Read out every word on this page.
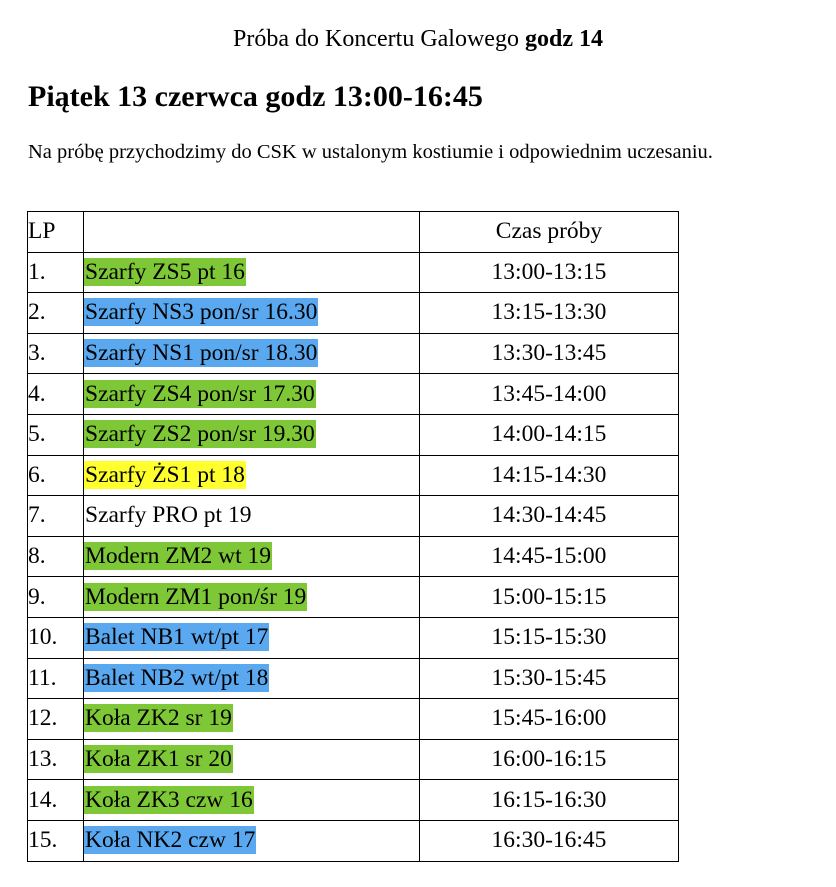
Próba do Koncertu Galowego godz 14
Piątek 13 czerwca godz 13:00-16:45
Na próbę przychodzimy do CSK w ustalonym kostiumie i odpowiednim uczesaniu.
LP		Czas próby
1.	Szarfy ZS5 pt 16	13:00-13:15
2.	Szarfy NS3 pon/sr 16.30	13:15-13:30
3.	Szarfy NS1 pon/sr 18.30	13:30-13:45
4.	Szarfy ZS4 pon/sr 17.30	13:45-14:00
5.	Szarfy ZS2 pon/sr 19.30	14:00-14:15
6.	Szarfy ŻS1 pt 18	14:15-14:30
7.	Szarfy PRO pt 19	14:30-14:45
8.	Modern ZM2 wt 19	14:45-15:00
9.	Modern ZM1 pon/śr 19	15:00-15:15
10.	Balet NB1 wt/pt 17	15:15-15:30
11.	Balet NB2 wt/pt 18	15:30-15:45
12.	Koła ZK2 sr 19	15:45-16:00
13.	Koła ZK1 sr 20	16:00-16:15
14.	Koła ZK3 czw 16	16:15-16:30
15.	Koła NK2 czw 17	16:30-16:45
